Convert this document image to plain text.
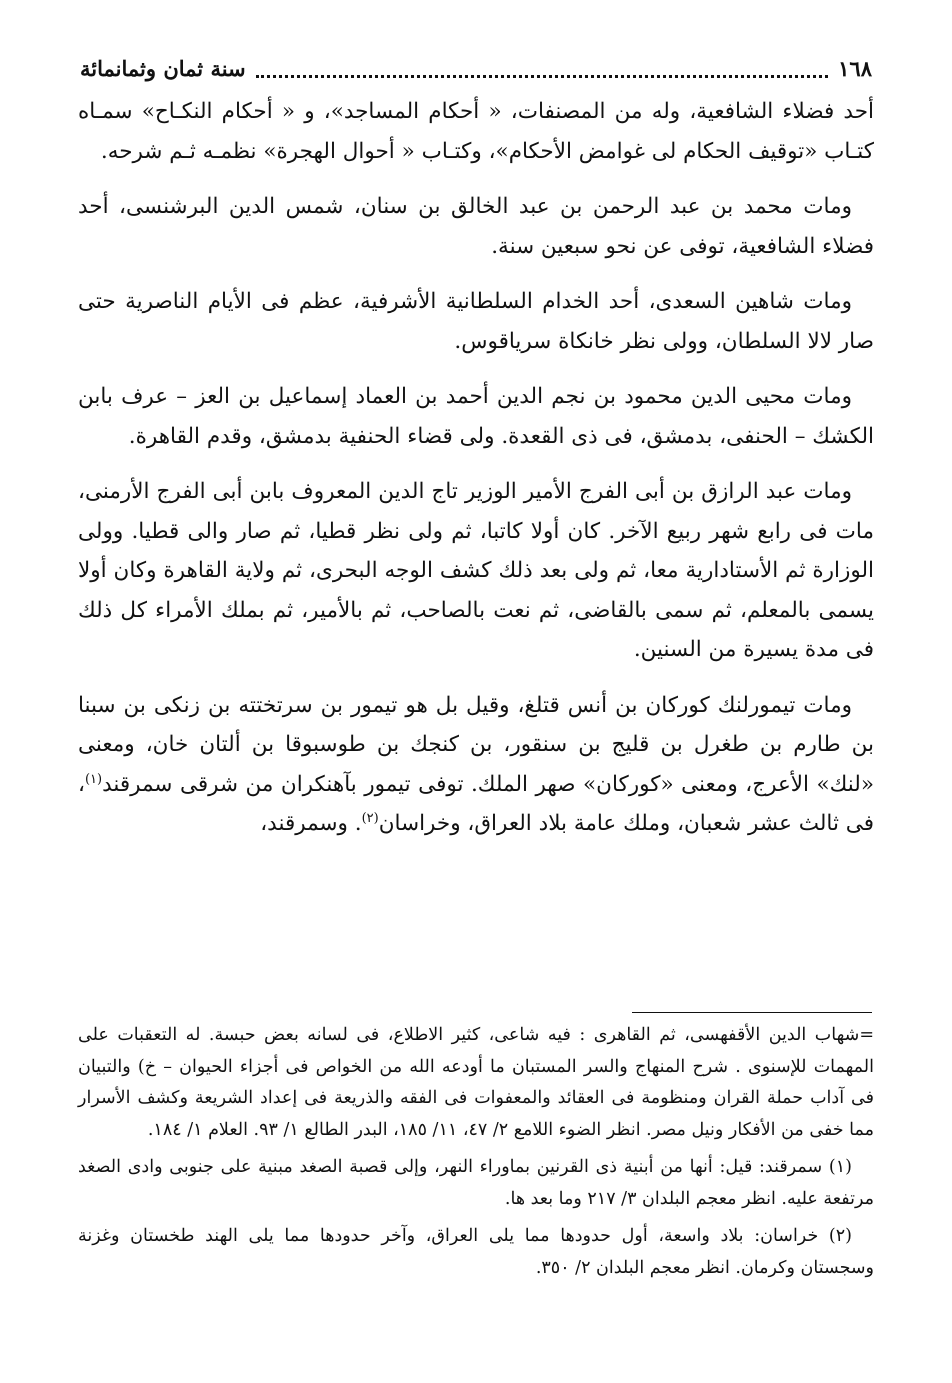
١٦٨
سنة ثمان وثمانمائة

أحد فضلاء الشافعية، وله من المصنفات، « أحكام المساجد»، و « أحكام النكـاح» سمـاه كتـاب «توقيف الحكام لى غوامض الأحكام»، وكتـاب « أحوال الهجرة» نظمـه ثـم شرحه.

ومات محمد بن عبد الرحمن بن عبد الخالق بن سنان، شمس الدين البرشنسى، أحد فضلاء الشافعية، توفى عن نحو سبعين سنة.

ومات شاهين السعدى، أحد الخدام السلطانية الأشرفية، عظم فى الأيام الناصرية حتى صار لالا السلطان، وولى نظر خانكاة سرياقوس.

ومات محيى الدين محمود بن نجم الدين أحمد بن العماد إسماعيل بن العز – عرف بابن الكشك – الحنفى، بدمشق، فى ذى القعدة. ولى قضاء الحنفية بدمشق، وقدم القاهرة.

ومات عبد الرازق بن أبى الفرج الأمير الوزير تاج الدين المعروف بابن أبى الفرج الأرمنى، مات فى رابع شهر ربيع الآخر. كان أولا كاتبا، ثم ولى نظر قطيا، ثم صار والى قطيا. وولى الوزارة ثم الأستادارية معا، ثم ولى بعد ذلك كشف الوجه البحرى، ثم ولاية القاهرة وكان أولا يسمى بالمعلم، ثم سمى بالقاضى، ثم نعت بالصاحب، ثم بالأمير، ثم بملك الأمراء كل ذلك فى مدة يسيرة من السنين.

ومات تيمورلنك كوركان بن أنس قتلغ، وقيل بل هو تيمور بن سرتختته بن زنكى بن سبنا بن طارم بن طغرل بن قليج بن سنقور، بن كنجك بن طوسبوقا بن ألتان خان، ومعنى «لنك» الأعرج، ومعنى «كوركان» صهر الملك. توفى تيمور بآهنكران من شرقى سمرقند$^{(١)}$، فى ثالث عشر شعبان، وملك عامة بلاد العراق، وخراسان$^{(٢)}$. وسمرقند،

=شهاب الدين الأقفهسى، ثم القاهرى : فيه شاعى، كثير الاطلاع، فى لسانه بعض حبسة. له التعقبات على المهمات للإسنوى . شرح المنهاج والسر المستبان ما أودعه الله من الخواص فى أجزاء الحيوان – خ) والتبيان فى آداب حملة القران ومنظومة فى العقائد والمعفوات فى الفقه والذريعة فى إعداد الشريعة وكشف الأسرار مما خفى من الأفكار ونيل مصر. انظر الضوء اللامع ٢/ ٤٧، ١١/ ١٨٥، البدر الطالع ١/ ٩٣. العلام ١/ ١٨٤.

(١) سمرقند: قيل: أنها من أبنية ذى القرنين بماوراء النهر، وإلى قصبة الصغد مبنية على جنوبى وادى الصغد مرتفعة عليه. انظر معجم البلدان ٣/ ٢١٧ وما بعد ها.

(٢) خراسان: بلاد واسعة، أول حدودها مما يلى العراق، وآخر حدودها مما يلى الهند طخستان وغزنة وسجستان وكرمان. انظر معجم البلدان ٢/ ٣٥٠.
